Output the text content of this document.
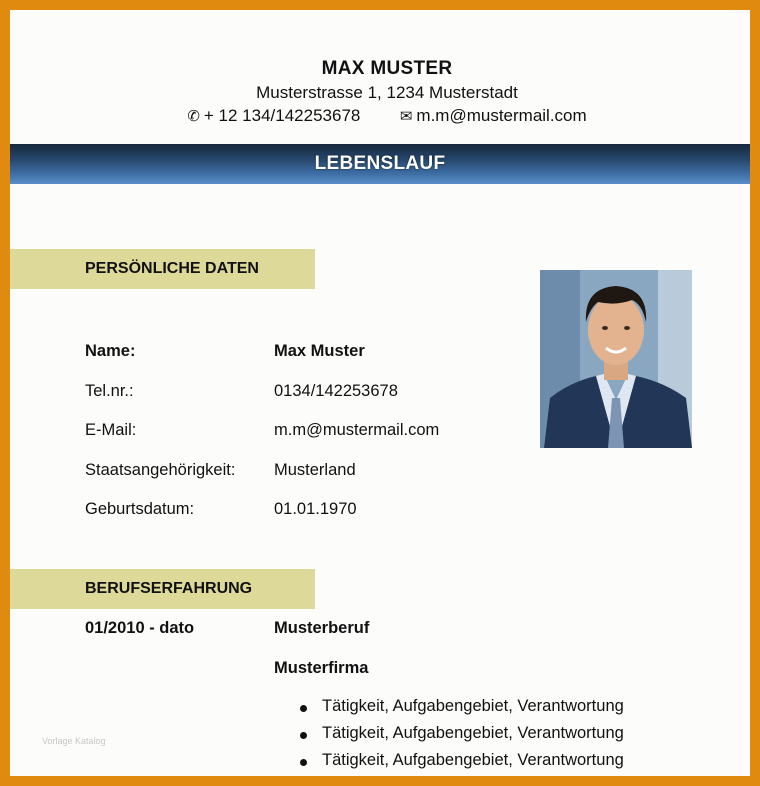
MAX MUSTER
Musterstrasse 1, 1234 Musterstadt
✆ + 12 134/142253678	✉ m.m@mustermail.com
LEBENSLAUF
PERSÖNLICHE DATEN
Name:	Max Muster
Tel.nr.:	0134/142253678
E-Mail:	m.m@mustermail.com
Staatsangehörigkeit: Musterland
Geburtsdatum:	01.01.1970
BERUFSERFAHRUNG
01/2010 - dato	Musterberuf
Musterfirma
Tätigkeit, Aufgabengebiet, Verantwortung
Tätigkeit, Aufgabengebiet, Verantwortung
Tätigkeit, Aufgabengebiet, Verantwortung
Vorlage Katalog
